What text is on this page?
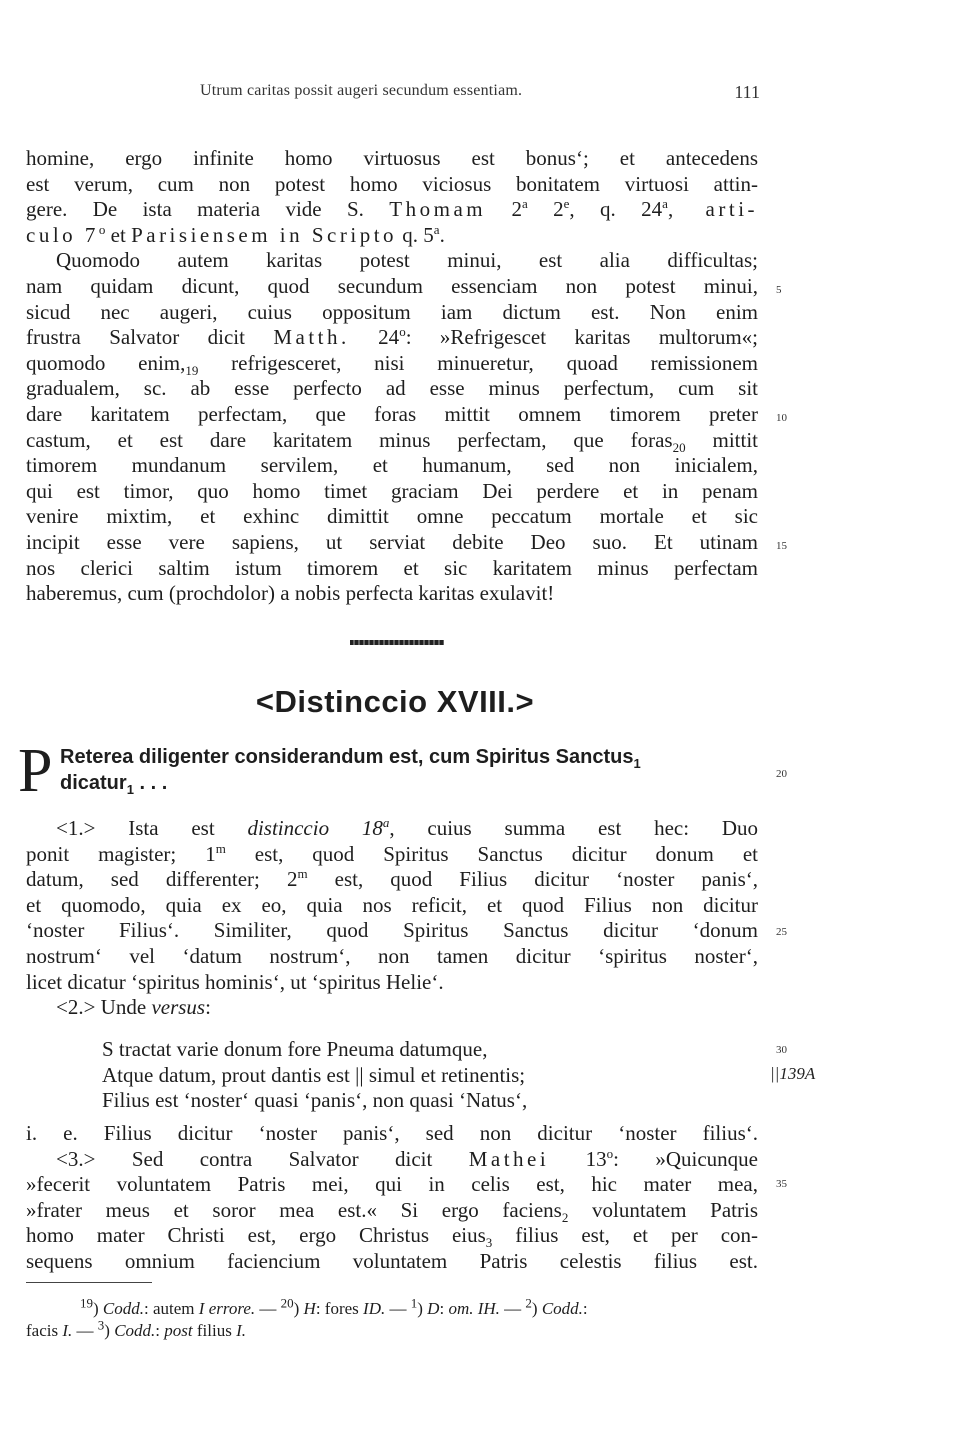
Utrum caritas possit augeri secundum essentiam.	111
homine, ergo infinite homo virtuosus est bonus‘; et antecedens
est verum, cum non potest homo viciosus bonitatem virtuosi attin-
gere. De ista materia vide S. Thomam 2$^a$ 2e, q. 24$^a$, arti-
culo 7$^o$ et Parisiensem in Scripto q. 5$^a$.
Quomodo autem karitas potest minui, est alia difficultas;
nam quidam dicunt, quod secundum essenciam non potest minui,
sicud nec augeri, cuius oppositum iam dictum est. Non enim
frustra Salvator dicit Matth. 24$^o$: »Refrigescet karitas multorum«;
quomodo $enim,_{19}$ refrigesceret, nisi minueretur, quoad remissionem
gradualem, sc. ab esse perfecto ad esse minus perfectum, cum sit
dare karitatem perfectam, que foras mittit omnem timorem preter
castum, et est dare karitatem minus perfectam, que foras$_{20}$ mittit
timorem mundanum servilem, et humanum, sed non inicialem,
qui est timor, quo homo timet graciam Dei perdere et in penam
venire mixtim, et exhinc dimittit omne peccatum mortale et sic
incipit esse vere sapiens, ut serviat debite Deo suo. Et utinam
nos clerici saltim istum timorem et sic karitatem minus perfectam
haberemus, cum (prochdolor) a nobis perfecta karitas exulavit!
<Distinccio XVIII.>
P Reterea diligenter considerandum est, cum Spiritus Sanctus$_1$
dicatur$_1$ . . .
<1.> Ista est distinccio 18$^a$, cuius summa est hec: Duo
ponit magister; 1$^m$ est, quod Spiritus Sanctus dicitur donum et
datum, sed differenter; 2$^m$ est, quod Filius dicitur ‘noster panis‘,
et quomodo, quia ex eo, quia nos reficit, et quod Filius non dicitur
‘noster Filius‘. Similiter, quod Spiritus Sanctus dicitur ‘donum
nostrum‘ vel ‘datum nostrum‘, non tamen dicitur ‘spiritus noster‘,
licet dicatur ‘spiritus hominis‘, ut ‘spiritus Helie‘.
<2.> Unde versus:
S tractat varie donum fore Pneuma datumque,
Atque datum, prout dantis est || simul et retinentis;
Filius est ‘noster‘ quasi ‘panis‘, non quasi ‘Natus‘,
i. e. Filius dicitur ‘noster panis‘, sed non dicitur ‘noster filius‘.
<3.> Sed contra Salvator dicit Mathei 13$^o$: »Quicunque
»fecerit voluntatem Patris mei, qui in celis est, hic mater mea,
»frater meus et soror mea est.« Si ergo faciens$_2$ voluntatem Patris
homo mater Christi est, ergo Christus eius$_3$ filius est, et per con-
sequens omnium faciencium voluntatem Patris celestis filius est.
5
10
15
20
25
30
||139A
35
$^{19}$) Codd.: autem I errore. — $^{20}$) H: fores ID. — $^1$) D: om. IH. — $^2$) Codd.:
facis I. — $^3$) Codd.: post filius I.
